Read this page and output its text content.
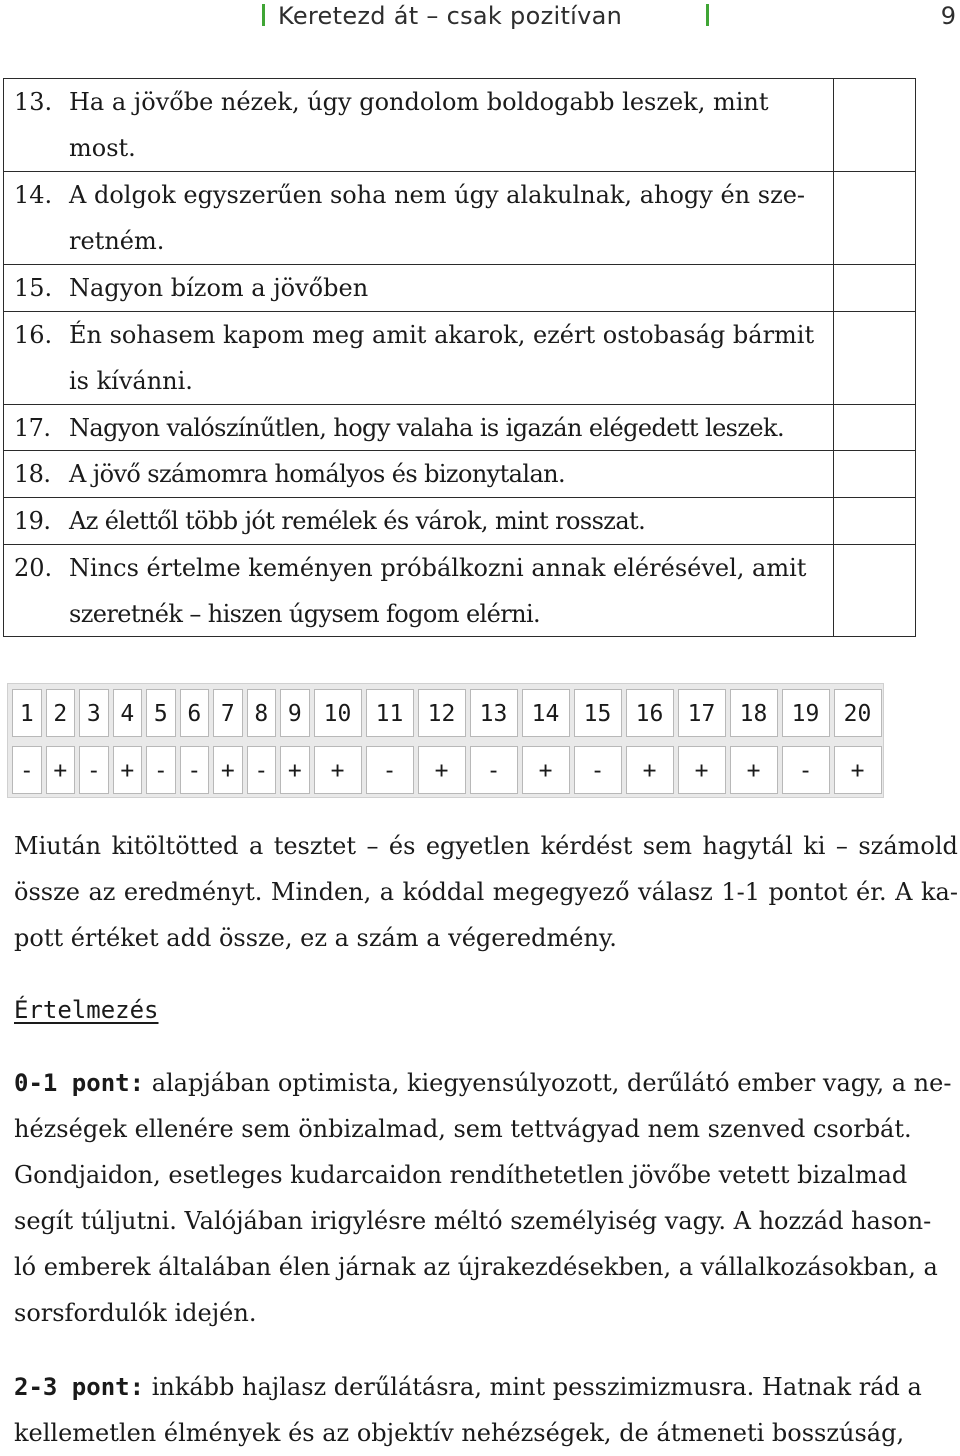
Keretezd át – csak pozitívan	9
13. Ha a jövőbe nézek, úgy gondolom boldogabb leszek, mint
most.
14. A dolgok egyszerűen soha nem úgy alakulnak, ahogy én sze-
retném.
15. Nagyon bízom a jövőben
16. Én sohasem kapom meg amit akarok, ezért ostobaság bármit
is kívánni.
17. Nagyon valószínűtlen, hogy valaha is igazán elégedett leszek.
18. A jövő számomra homályos és bizonytalan.
19. Az élettől több jót remélek és várok, mint rosszat.
20. Nincs értelme keményen próbálkozni annak elérésével, amit
szeretnék – hiszen úgysem fogom elérni.
1
-
2
+
3
-
4
+
5
-
6
-
7
+
8
-
9
+
10
+
11
-
12
+
13
-
14
+
15
-
16
+
17
+
18
+
19
-
20
+
Miután kitöltötted a tesztet – és egyetlen kérdést sem hagytál ki – számold
össze az eredményt. Minden, a kóddal megegyező válasz 1-1 pontot ér. A ka-
pott értéket add össze, ez a szám a végeredmény.
Értelmezés
0-1 pont: alapjában optimista, kiegyensúlyozott, derűlátó ember vagy, a ne-
hézségek ellenére sem önbizalmad, sem tettvágyad nem szenved csorbát.
Gondjaidon, esetleges kudarcaidon rendíthetetlen jövőbe vetett bizalmad
segít túljutni. Valójában irigylésre méltó személyiség vagy. A hozzád hason-
ló emberek általában élen járnak az újrakezdésekben, a vállalkozásokban, a
sorsfordulók idején.
2-3 pont: inkább hajlasz derűlátásra, mint pesszimizmusra. Hatnak rád a
kellemetlen élmények és az objektív nehézségek, de átmeneti bosszúság,
